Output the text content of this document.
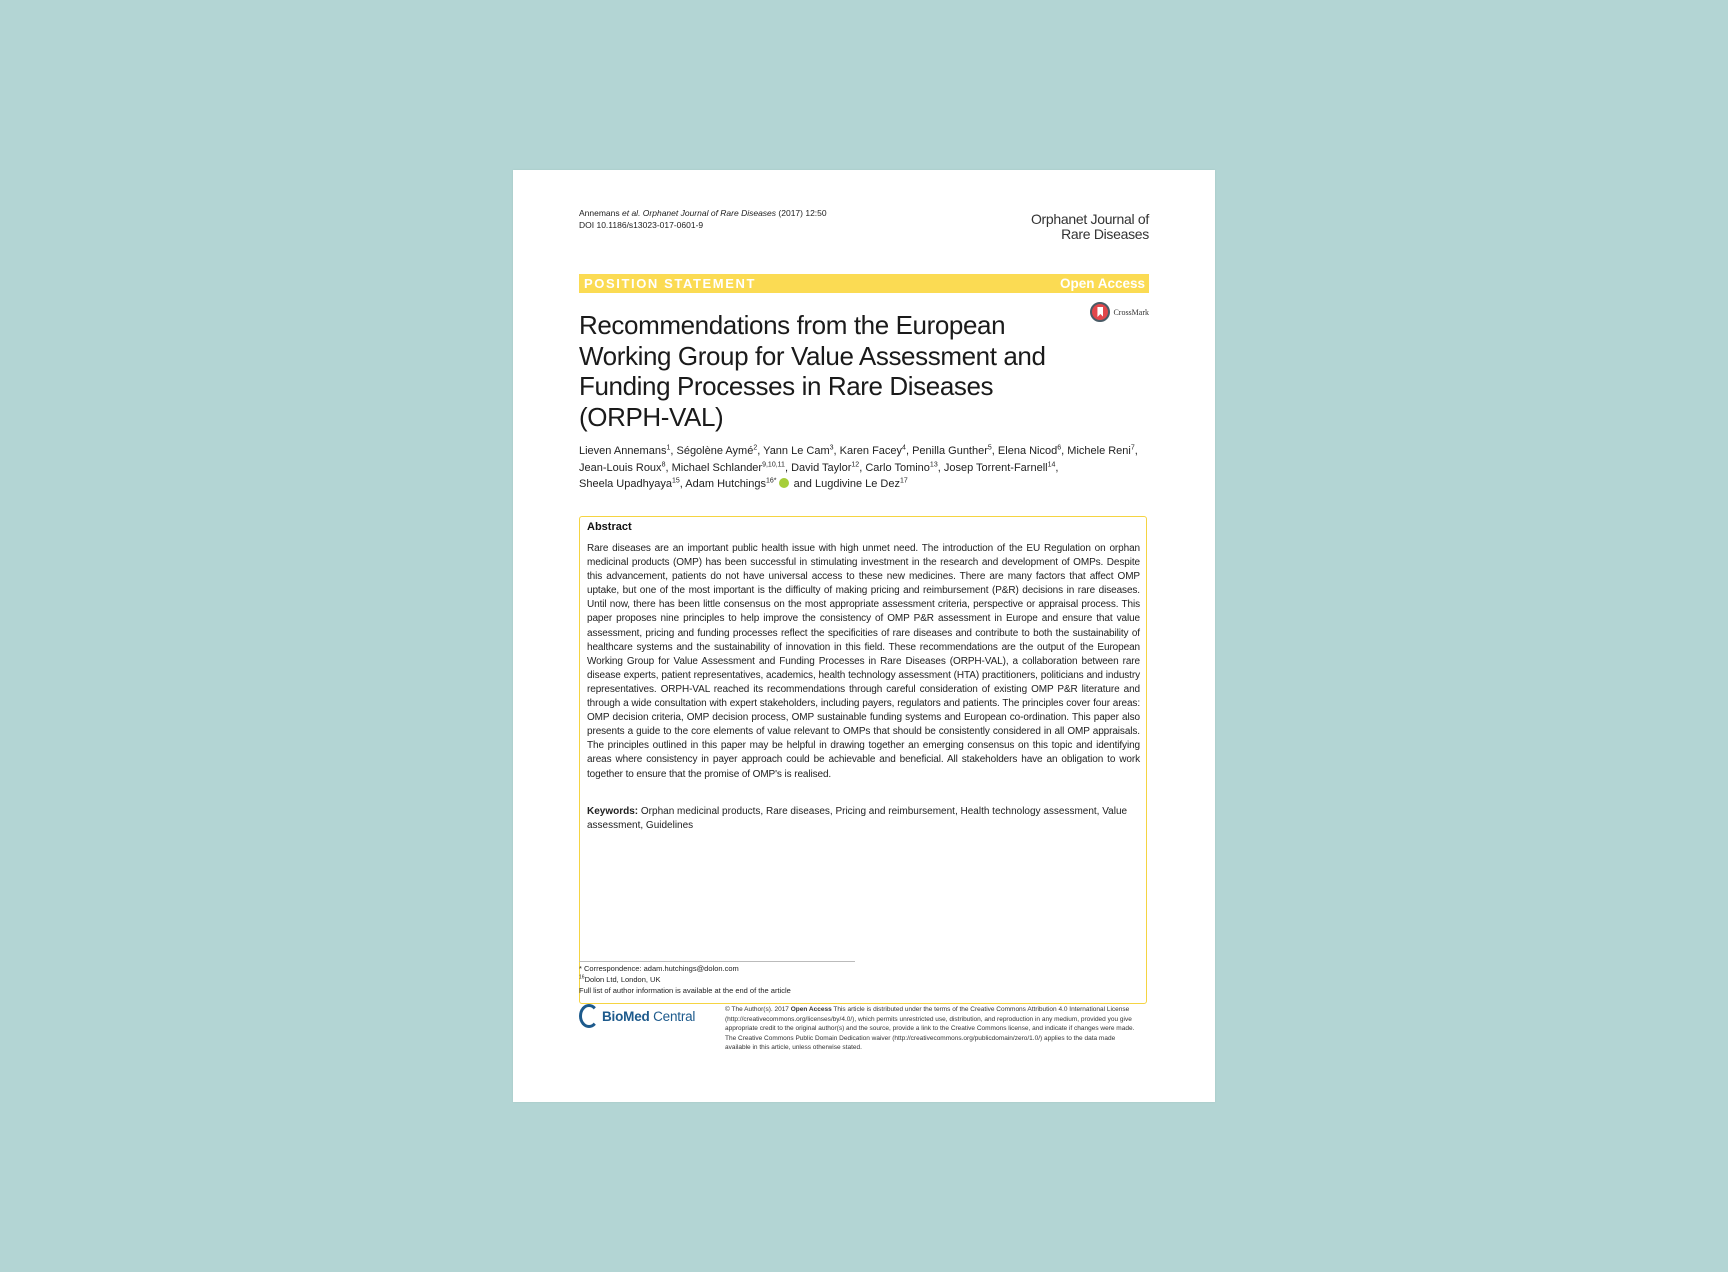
Annemans et al. Orphanet Journal of Rare Diseases (2017) 12:50
DOI 10.1186/s13023-017-0601-9	Orphanet Journal of
Rare Diseases
POSITION STATEMENT	Open Access
CrossMark
Recommendations from the European Working Group for Value Assessment and Funding Processes in Rare Diseases (ORPH-VAL)
Lieven Annemans$^1$, Ségolène Aymé$^2$, Yann Le Cam$^3$, Karen Facey$^4$, Penilla Gunther$^5$, Elena Nicod$^6$, Michele Reni$^7$,
Jean-Louis Roux$^8$, Michael Schlander$^{9,10,11}$, David Taylor$^{12}$, Carlo Tomino$^{13}$, Josep Torrent-Farnell$^{14}$,
Sheela Upadhyaya$^{15}$, Adam Hutchings$^{16*}$ and Lugdivine Le Dez$^{17}$
Abstract
Rare diseases are an important public health issue with high unmet need. The introduction of the EU Regulation on orphan medicinal products (OMP) has been successful in stimulating investment in the research and development of OMPs. Despite this advancement, patients do not have universal access to these new medicines. There are many factors that affect OMP uptake, but one of the most important is the difficulty of making pricing and reimbursement (P&R) decisions in rare diseases. Until now, there has been little consensus on the most appropriate assessment criteria, perspective or appraisal process. This paper proposes nine principles to help improve the consistency of OMP P&R assessment in Europe and ensure that value assessment, pricing and funding processes reflect the specificities of rare diseases and contribute to both the sustainability of healthcare systems and the sustainability of innovation in this field. These recommendations are the output of the European Working Group for Value Assessment and Funding Processes in Rare Diseases (ORPH-VAL), a collaboration between rare disease experts, patient representatives, academics, health technology assessment (HTA) practitioners, politicians and industry representatives. ORPH-VAL reached its recommendations through careful consideration of existing OMP P&R literature and through a wide consultation with expert stakeholders, including payers, regulators and patients. The principles cover four areas: OMP decision criteria, OMP decision process, OMP sustainable funding systems and European co-ordination. This paper also presents a guide to the core elements of value relevant to OMPs that should be consistently considered in all OMP appraisals. The principles outlined in this paper may be helpful in drawing together an emerging consensus on this topic and identifying areas where consistency in payer approach could be achievable and beneficial. All stakeholders have an obligation to work together to ensure that the promise of OMP's is realised.
Keywords: Orphan medicinal products, Rare diseases, Pricing and reimbursement, Health technology assessment, Value assessment, Guidelines
* Correspondence: adam.hutchings@dolon.com
$^{16}$Dolon Ltd, London, UK
Full list of author information is available at the end of the article
BioMed Central	© The Author(s). 2017 Open Access This article is distributed under the terms of the Creative Commons Attribution 4.0 International License (http://creativecommons.org/licenses/by/4.0/), which permits unrestricted use, distribution, and reproduction in any medium, provided you give appropriate credit to the original author(s) and the source, provide a link to the Creative Commons license, and indicate if changes were made. The Creative Commons Public Domain Dedication waiver (http://creativecommons.org/publicdomain/zero/1.0/) applies to the data made available in this article, unless otherwise stated.
